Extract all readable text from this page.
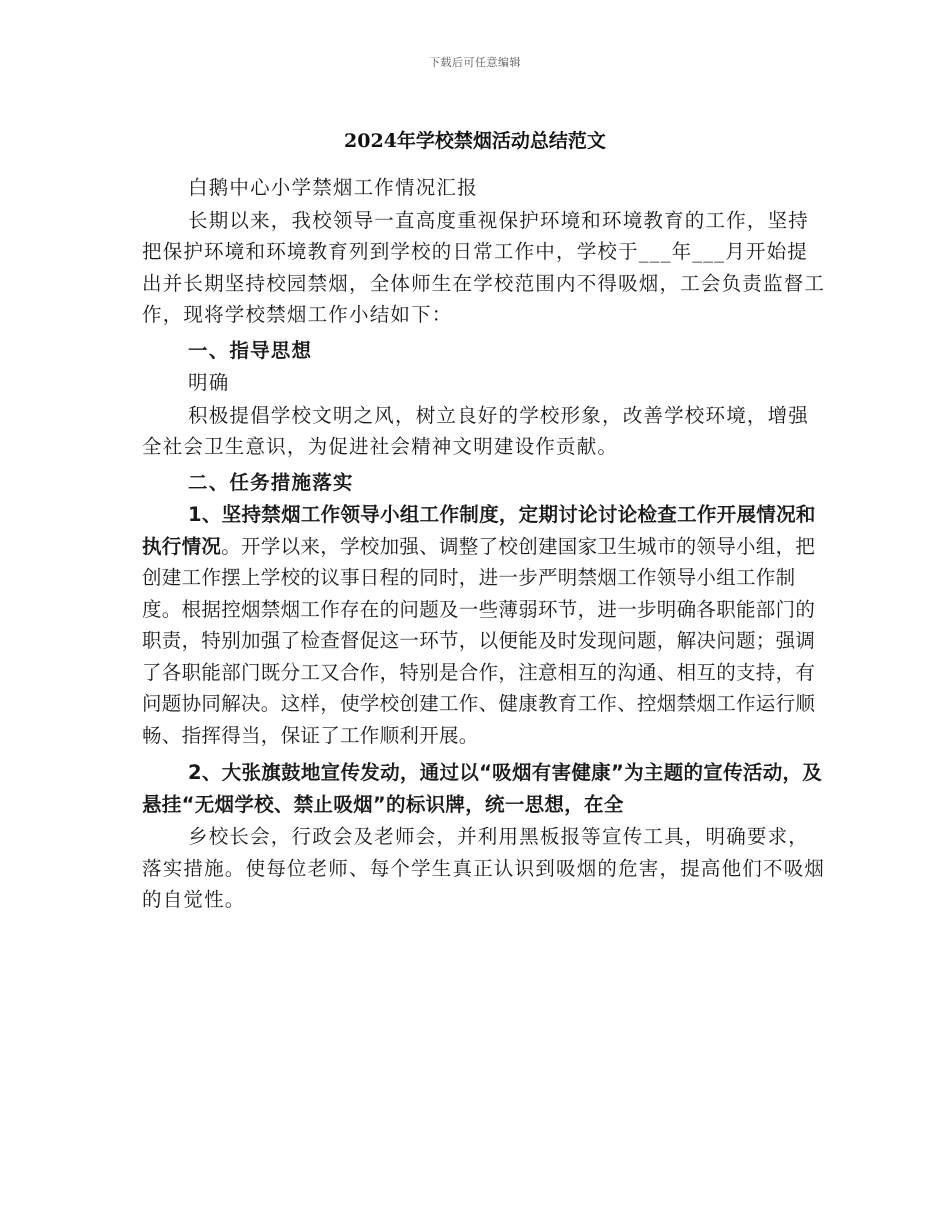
下载后可任意编辑
2024年学校禁烟活动总结范文

白鹅中心小学禁烟工作情况汇报

长期以来，我校领导一直高度重视保护环境和环境教育的工作，坚持把保护环境和环境教育列到学校的日常工作中，学校于___年___月开始提出并长期坚持校园禁烟，全体师生在学校范围内不得吸烟，工会负责监督工作，现将学校禁烟工作小结如下：

一、指导思想

明确

积极提倡学校文明之风，树立良好的学校形象，改善学校环境，增强全社会卫生意识，为促进社会精神文明建设作贡献。

二、任务措施落实

1、坚持禁烟工作领导小组工作制度，定期讨论讨论检查工作开展情况和执行情况。开学以来，学校加强、调整了校创建国家卫生城市的领导小组，把创建工作摆上学校的议事日程的同时，进一步严明禁烟工作领导小组工作制度。根据控烟禁烟工作存在的问题及一些薄弱环节，进一步明确各职能部门的职责，特别加强了检查督促这一环节，以便能及时发现问题，解决问题；强调了各职能部门既分工又合作，特别是合作，注意相互的沟通、相互的支持，有问题协同解决。这样，使学校创建工作、健康教育工作、控烟禁烟工作运行顺畅、指挥得当，保证了工作顺利开展。

2、大张旗鼓地宣传发动，通过以“吸烟有害健康”为主题的宣传活动，及悬挂“无烟学校、禁止吸烟”的标识牌，统一思想，在全

乡校长会，行政会及老师会，并利用黑板报等宣传工具，明确要求，落实措施。使每位老师、每个学生真正认识到吸烟的危害，提高他们不吸烟的自觉性。
